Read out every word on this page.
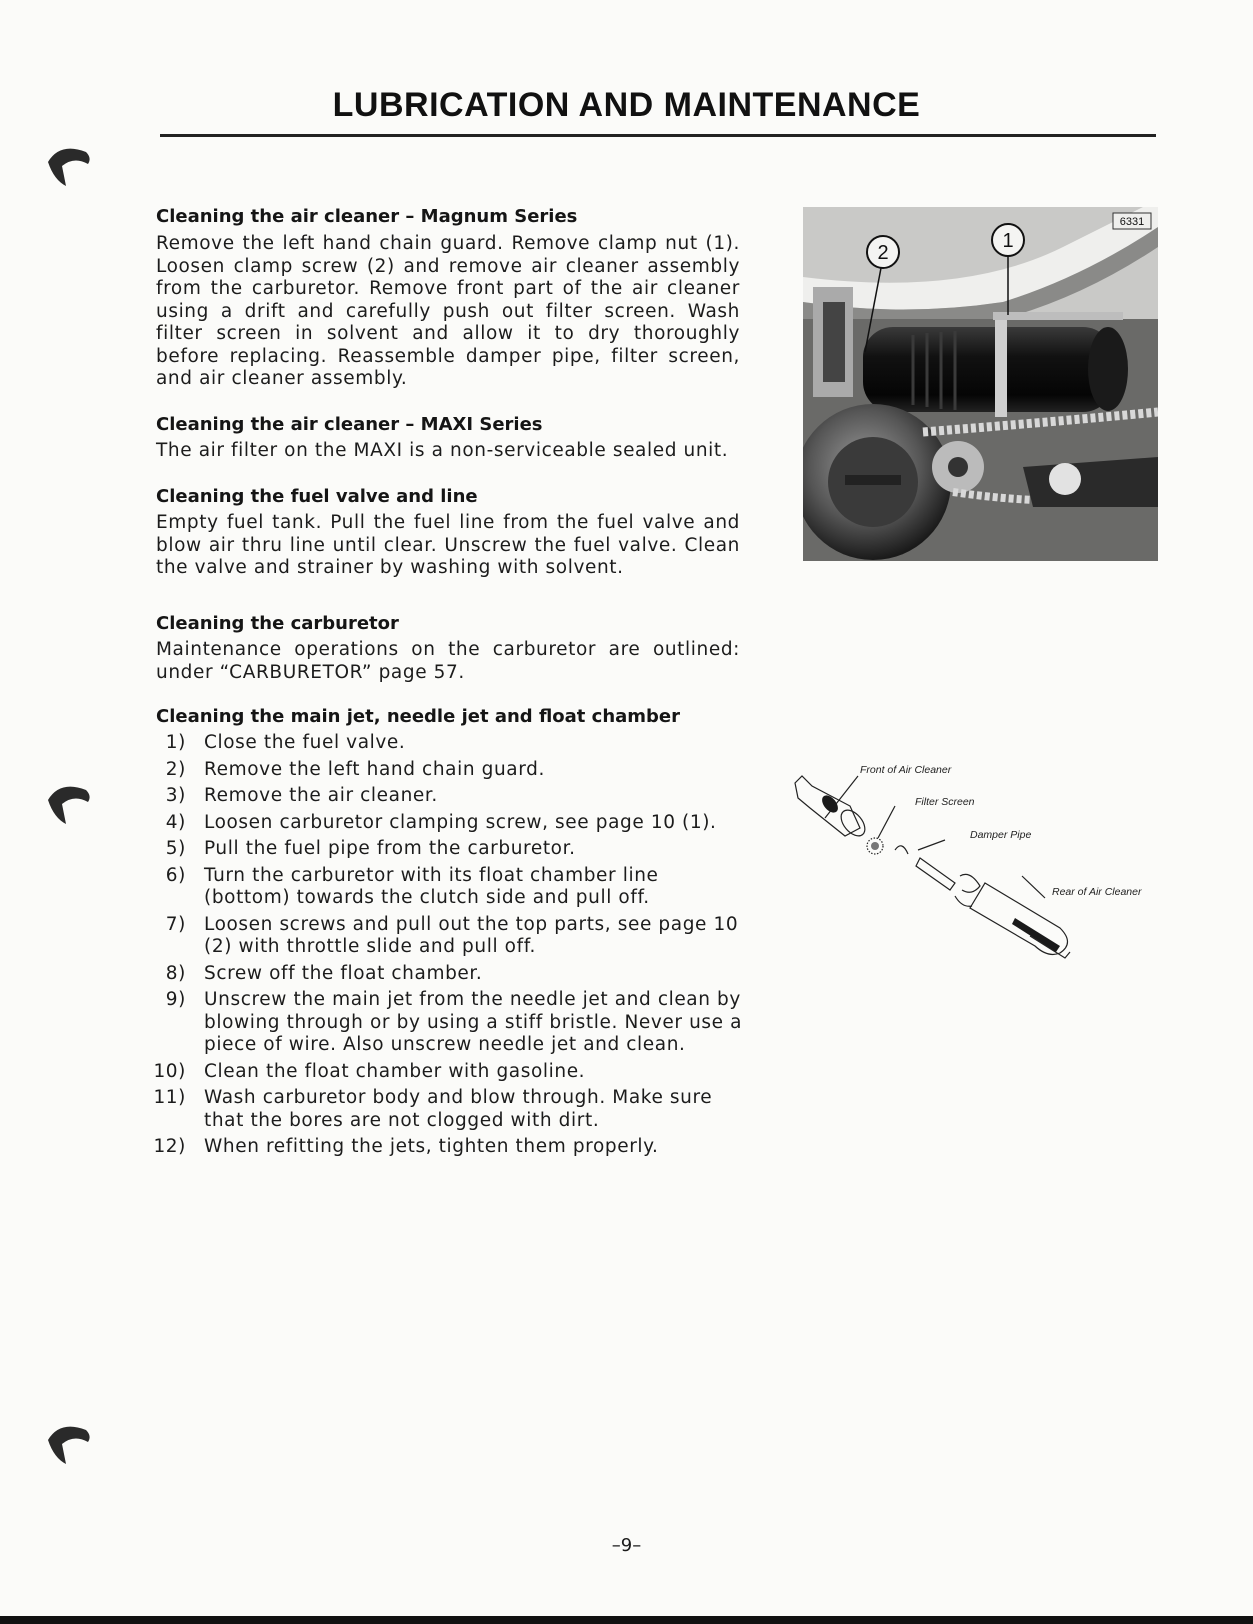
LUBRICATION AND MAINTENANCE
Cleaning the air cleaner – Magnum Series
Remove the left hand chain guard. Remove clamp nut (1). Loosen clamp screw (2) and remove air cleaner assembly from the carburetor. Remove front part of the air cleaner using a drift and carefully push out filter screen. Wash filter screen in solvent and allow it to dry thoroughly before replacing. Reassemble damper pipe, filter screen, and air cleaner assembly.
Cleaning the air cleaner – MAXI Series
The air filter on the MAXI is a non-serviceable sealed unit.
Cleaning the fuel valve and line
Empty fuel tank. Pull the fuel line from the fuel valve and blow air thru line until clear. Unscrew the fuel valve. Clean the valve and strainer by washing with solvent.
Cleaning the carburetor
Maintenance operations on the carburetor are outlined: under “CARBURETOR” page 57.
Cleaning the main jet, needle jet and float chamber
1) Close the fuel valve.
2) Remove the left hand chain guard.
3) Remove the air cleaner.
4) Loosen carburetor clamping screw, see page 10 (1).
5) Pull the fuel pipe from the carburetor.
6) Turn the carburetor with its float chamber line (bottom) towards the clutch side and pull off.
7) Loosen screws and pull out the top parts, see page 10 (2) with throttle slide and pull off.
8) Screw off the float chamber.
9) Unscrew the main jet from the needle jet and clean by blowing through or by using a stiff bristle. Never use a piece of wire. Also unscrew needle jet and clean.
10) Clean the float chamber with gasoline.
11) Wash carburetor body and blow through. Make sure that the bores are not clogged with dirt.
12) When refitting the jets, tighten them properly.
2
1
6331
Front of Air Cleaner
Filter Screen
Damper Pipe
Rear of Air Cleaner
–9–
